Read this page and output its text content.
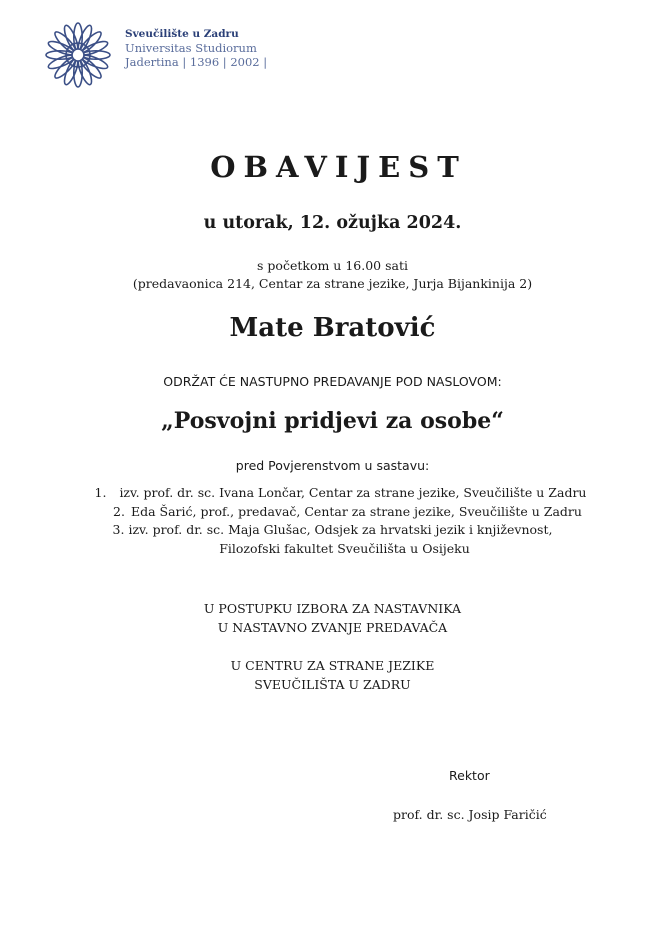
Sveučilište u Zadru
Universitas Studiorum
Jadertina | 1396 | 2002 |
OBAVIJEST
u utorak, 12. ožujka 2024.
s početkom u 16.00 sati
(predavaonica 214, Centar za strane jezike, Jurja Bijankinija 2)
Mate Bratović
ODRŽAT ĆE NASTUPNO PREDAVANJE POD NASLOVOM:
„Posvojni pridjevi za osobe“
pred Povjerenstvom u sastavu:
1. izv. prof. dr. sc. Ivana Lončar, Centar za strane jezike, Sveučilište u Zadru
2. Eda Šarić, prof., predavač, Centar za strane jezike, Sveučilište u Zadru
3. izv. prof. dr. sc. Maja Glušac, Odsjek za hrvatski jezik i književnost,
Filozofski fakultet Sveučilišta u Osijeku
U POSTUPKU IZBORA ZA NASTAVNIKA
U NASTAVNO ZVANJE PREDAVAČA
U CENTRU ZA STRANE JEZIKE
SVEUČILIŠTA U ZADRU
Rektor
prof. dr. sc. Josip Faričić
